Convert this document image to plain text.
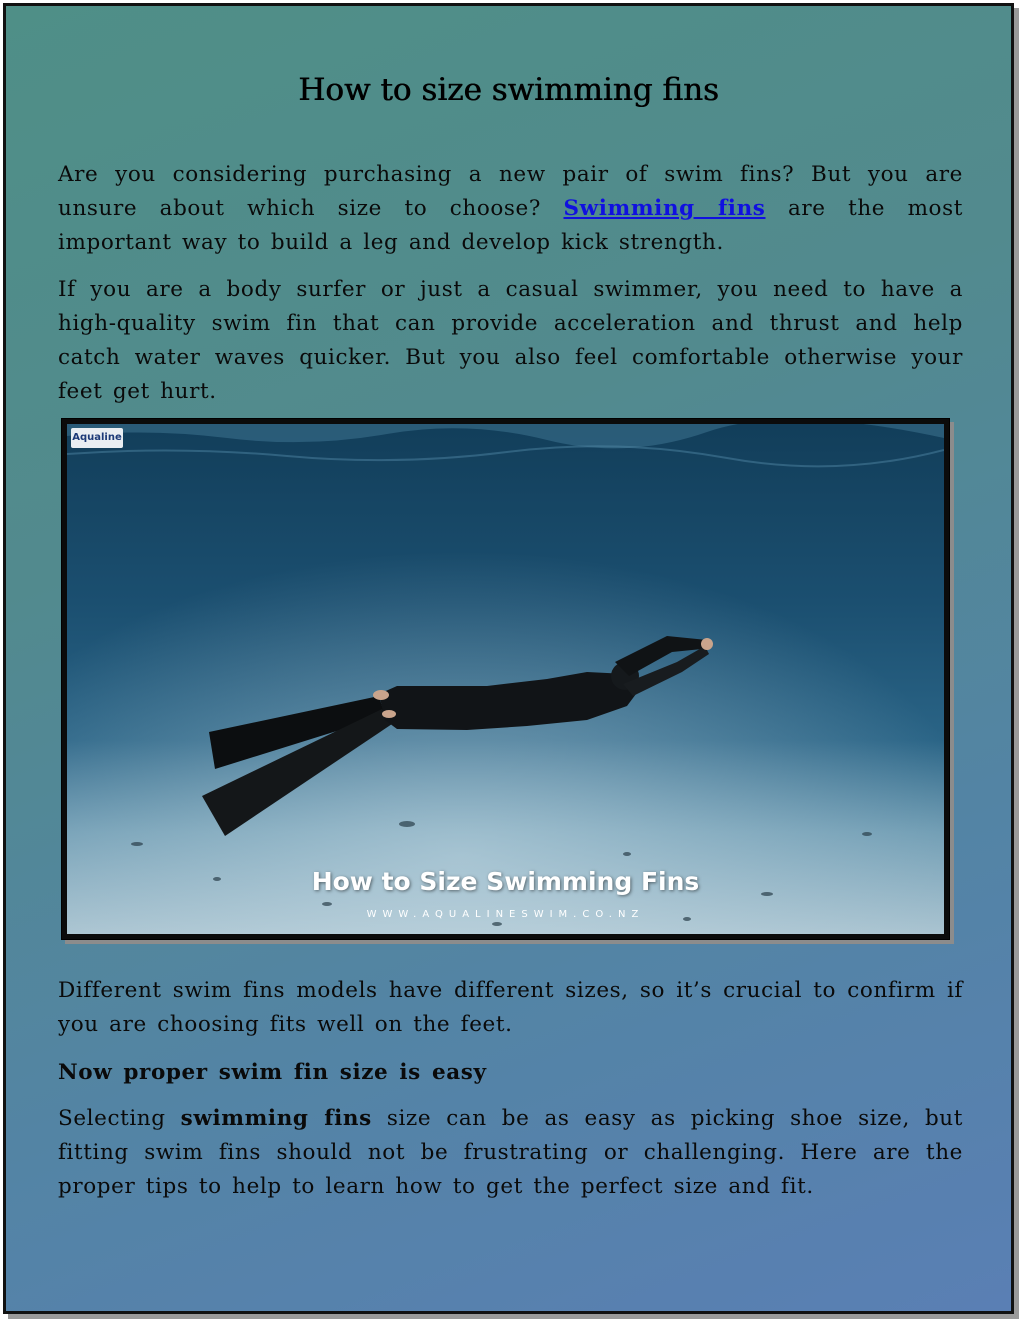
How to size swimming fins

Are you considering purchasing a new pair of swim fins? But you are unsure about which size to choose? Swimming fins are the most important way to build a leg and develop kick strength.

If you are a body surfer or just a casual swimmer, you need to have a high-quality swim fin that can provide acceleration and thrust and help catch water waves quicker. But you also feel comfortable otherwise your feet get hurt.

Aqualine
How to Size Swimming Fins
WWW.AQUALINESWIM.CO.NZ

Different swim fins models have different sizes, so it’s crucial to confirm if you are choosing fits well on the feet.

Now proper swim fin size is easy

Selecting swimming fins size can be as easy as picking shoe size, but fitting swim fins should not be frustrating or challenging. Here are the proper tips to help to learn how to get the perfect size and fit.
